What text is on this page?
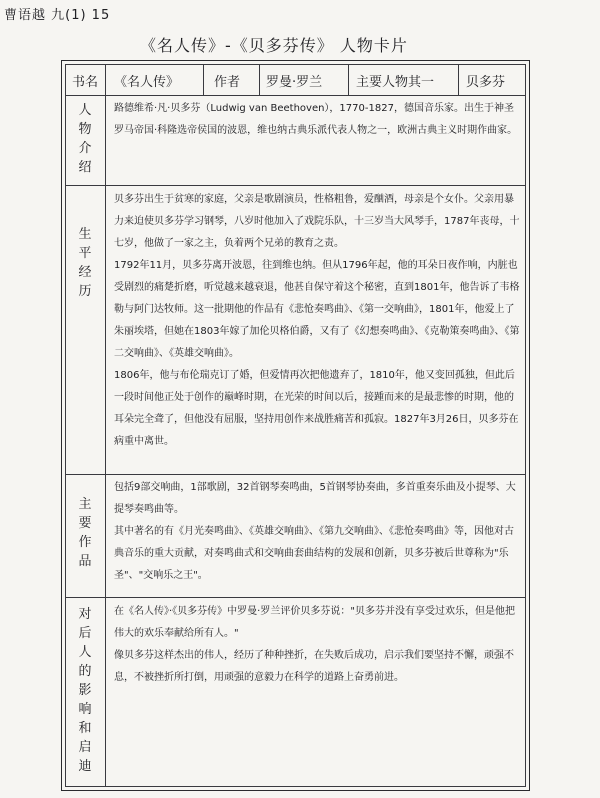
曹语越 九(1) 15
《名人传》-《贝多芬传》 人物卡片
书名 《名人传》	作者 罗曼·罗兰	主要人物其一 贝多芬
人物介绍

路德维希·凡·贝多芬（Ludwig van Beethoven），1770-1827，德国音乐家。出生于神圣罗马帝国·科隆选帝侯国的波恩，维也纳古典乐派代表人物之一，欧洲古典主义时期作曲家。

生平经历

贝多芬出生于贫寒的家庭，父亲是歌剧演员，性格粗鲁，爱酗酒，母亲是个女仆。父亲用暴力来迫使贝多芬学习钢琴，八岁时他加入了戏院乐队，十三岁当大风琴手，1787年丧母，十七岁，他做了一家之主，负着两个兄弟的教育之责。

1792年11月，贝多芬离开波恩，往到维也纳。但从1796年起，他的耳朵日夜作响，内脏也受剧烈的痛楚折磨，听觉越来越衰退，他甚自保守着这个秘密，直到1801年，他告诉了韦格勒与阿门达牧师。这一批期他的作品有《悲怆奏鸣曲》、《第一交响曲》，1801年，他爱上了朱丽埃塔，但她在1803年嫁了加伦贝格伯爵，又有了《幻想奏鸣曲》、《克勒策奏鸣曲》、《第二交响曲》、《英雄交响曲》。

1806年，他与布伦瑞克订了婚，但爱情再次把他遗弃了，1810年，他又变回孤独，但此后一段时间他正处于创作的巅峰时期，在光荣的时间以后，接踵而来的是最悲惨的时期，他的耳朵完全聋了，但他没有屈服，坚持用创作来战胜痛苦和孤寂。1827年3月26日，贝多芬在病重中离世。

主要作品

包括9部交响曲，1部歌剧，32首钢琴奏鸣曲，5首钢琴协奏曲，多首重奏乐曲及小提琴、大提琴奏鸣曲等。

其中著名的有《月光奏鸣曲》、《英雄交响曲》、《第九交响曲》、《悲怆奏鸣曲》等，因他对古典音乐的重大贡献，对奏鸣曲式和交响曲套曲结构的发展和创新，贝多芬被后世尊称为"乐圣"、"交响乐之王"。

对后人的影响和启迪

在《名人传》·《贝多芬传》中罗曼·罗兰评价贝多芬说："贝多芬并没有享受过欢乐，但是他把伟大的欢乐奉献给所有人。"

像贝多芬这样杰出的伟人，经历了种种挫折，在失败后成功，启示我们要坚持不懈，顽强不息，不被挫折所打倒，用顽强的意毅力在科学的道路上奋勇前进。
